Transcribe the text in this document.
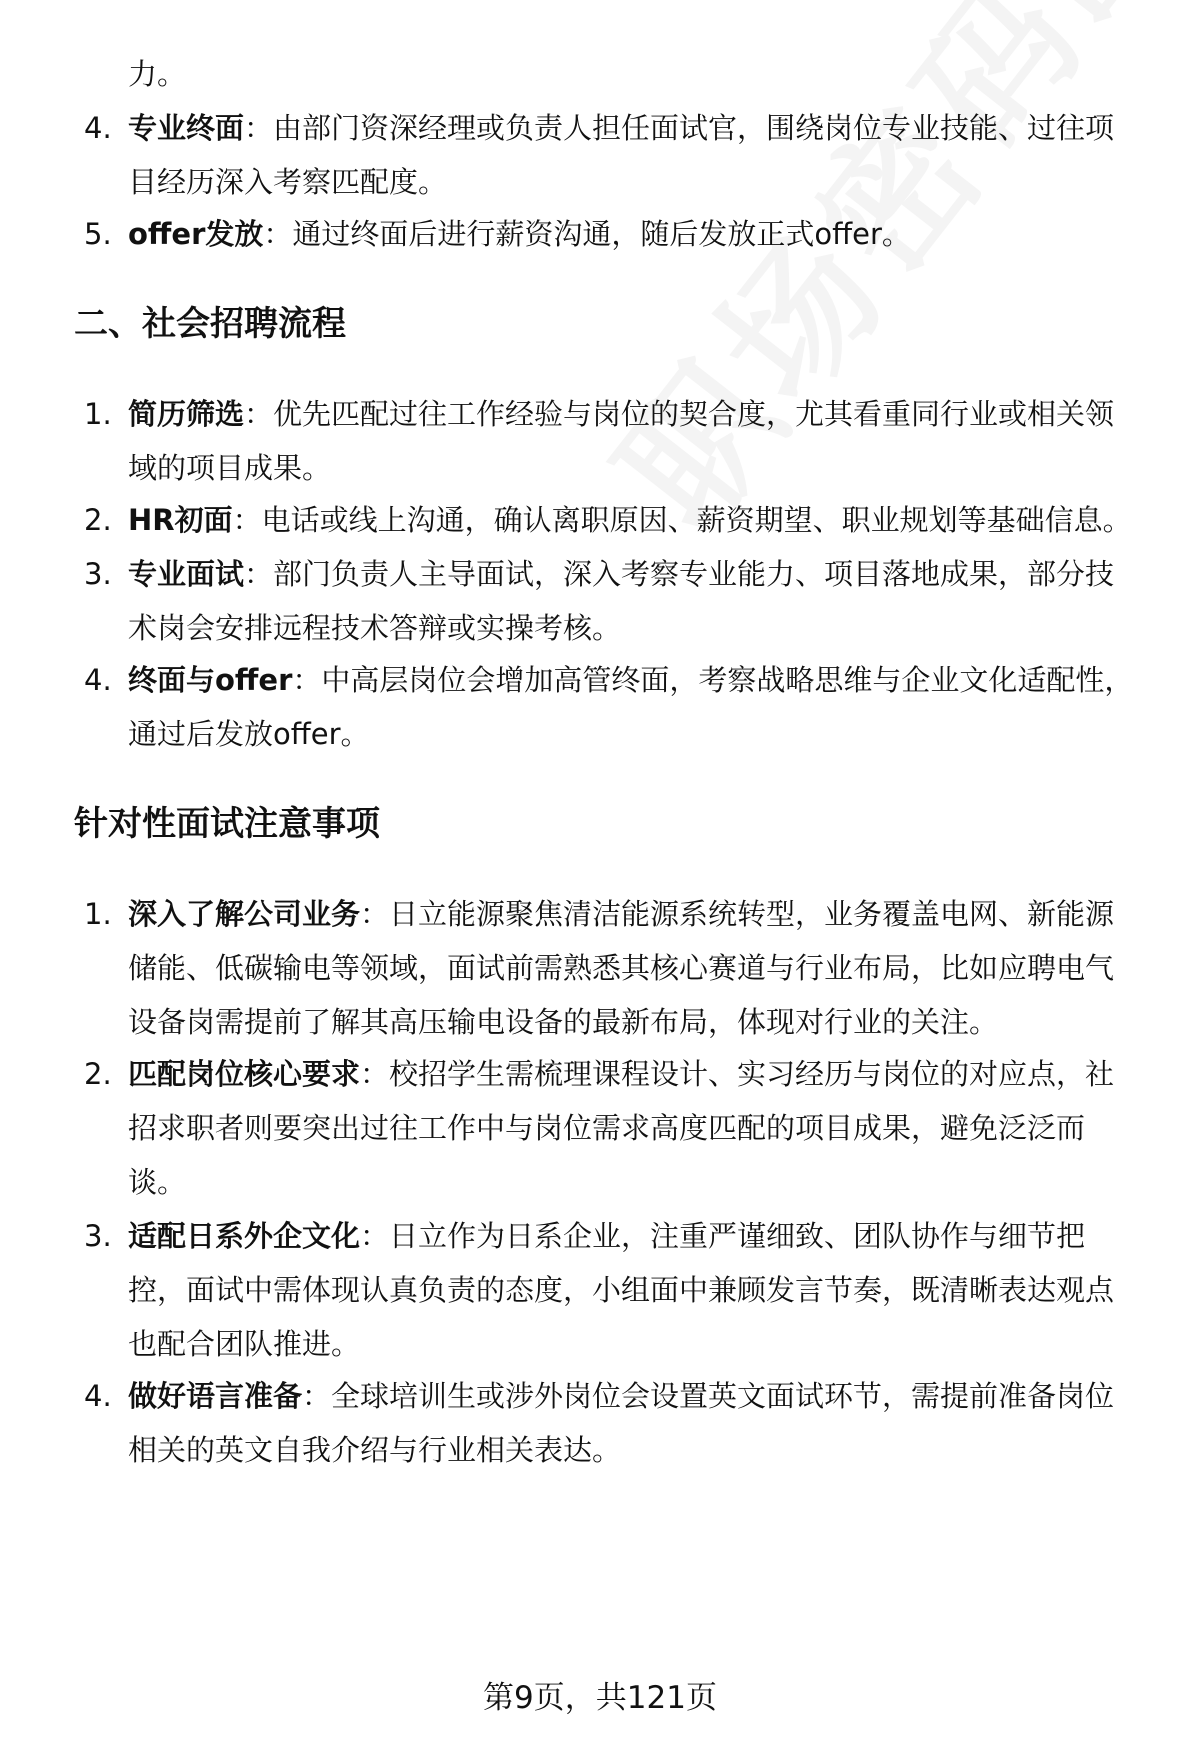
力。
4. 专业终面：由部门资深经理或负责人担任面试官，围绕岗位专业技能、过往项
目经历深入考察匹配度。
5. offer发放：通过终面后进行薪资沟通，随后发放正式offer。
二、社会招聘流程
1. 简历筛选：优先匹配过往工作经验与岗位的契合度，尤其看重同行业或相关领
域的项目成果。
2. HR初面：电话或线上沟通，确认离职原因、薪资期望、职业规划等基础信息。
3. 专业面试：部门负责人主导面试，深入考察专业能力、项目落地成果，部分技
术岗会安排远程技术答辩或实操考核。
4. 终面与offer：中高层岗位会增加高管终面，考察战略思维与企业文化适配性，
通过后发放offer。
针对性面试注意事项
1. 深入了解公司业务：日立能源聚焦清洁能源系统转型，业务覆盖电网、新能源
储能、低碳输电等领域，面试前需熟悉其核心赛道与行业布局，比如应聘电气
设备岗需提前了解其高压输电设备的最新布局，体现对行业的关注。
2. 匹配岗位核心要求：校招学生需梳理课程设计、实习经历与岗位的对应点，社
招求职者则要突出过往工作中与岗位需求高度匹配的项目成果，避免泛泛而
谈。
3. 适配日系外企文化：日立作为日系企业，注重严谨细致、团队协作与细节把
控，面试中需体现认真负责的态度，小组面中兼顾发言节奏，既清晰表达观点
也配合团队推进。
4. 做好语言准备：全球培训生或涉外岗位会设置英文面试环节，需提前准备岗位
相关的英文自我介绍与行业相关表达。
第9页，共121页
